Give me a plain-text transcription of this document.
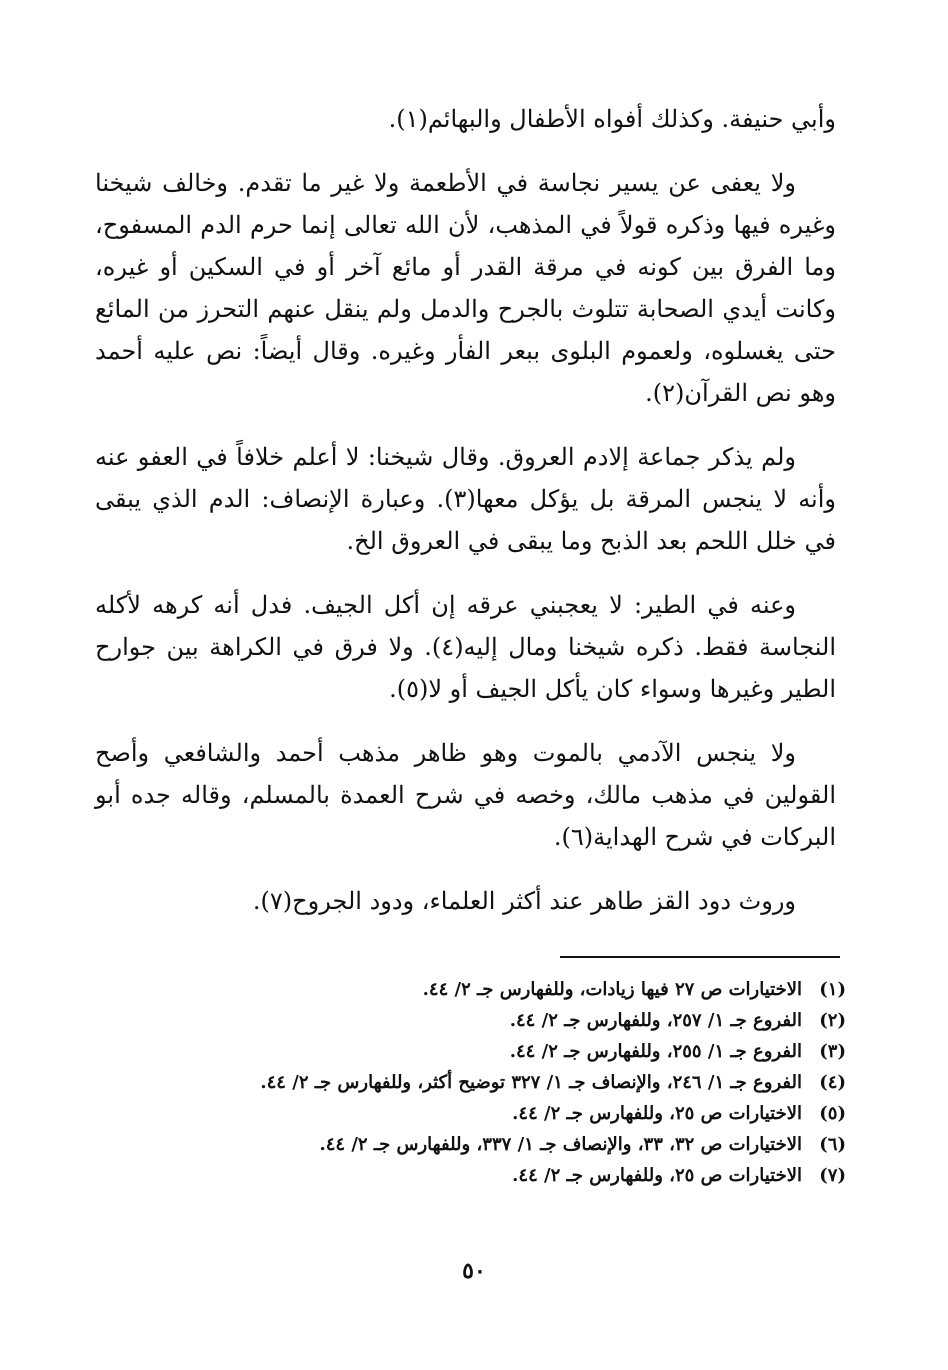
وأبي حنيفة. وكذلك أفواه الأطفال والبهائم(١).

ولا يعفى عن يسير نجاسة في الأطعمة ولا غير ما تقدم. وخالف شيخنا وغيره فيها وذكره قولاً في المذهب، لأن الله تعالى إنما حرم الدم المسفوح، وما الفرق بين كونه في مرقة القدر أو مائع آخر أو في السكين أو غيره، وكانت أيدي الصحابة تتلوث بالجرح والدمل ولم ينقل عنهم التحرز من المائع حتى يغسلوه، ولعموم البلوى ببعر الفأر وغيره. وقال أيضاً: نص عليه أحمد وهو نص القرآن(٢).

ولم يذكر جماعة إلادم العروق. وقال شيخنا: لا أعلم خلافاً في العفو عنه وأنه لا ينجس المرقة بل يؤكل معها(٣). وعبارة الإنصاف: الدم الذي يبقى في خلل اللحم بعد الذبح وما يبقى في العروق الخ.

وعنه في الطير: لا يعجبني عرقه إن أكل الجيف. فدل أنه كرهه لأكله النجاسة فقط. ذكره شيخنا ومال إليه(٤). ولا فرق في الكراهة بين جوارح الطير وغيرها وسواء كان يأكل الجيف أو لا(٥).

ولا ينجس الآدمي بالموت وهو ظاهر مذهب أحمد والشافعي وأصح القولين في مذهب مالك، وخصه في شرح العمدة بالمسلم، وقاله جده أبو البركات في شرح الهداية(٦).

وروث دود القز طاهر عند أكثر العلماء، ودود الجروح(٧).

(١)
الاختيارات ص ٢٧ فيها زيادات، وللفهارس جـ ٢/ ٤٤.
(٢)
الفروع جـ ١/ ٢٥٧، وللفهارس جـ ٢/ ٤٤.
(٣)
الفروع جـ ١/ ٢٥٥، وللفهارس جـ ٢/ ٤٤.
(٤)
الفروع جـ ١/ ٢٤٦، والإنصاف جـ ١/ ٣٢٧ توضيح أكثر، وللفهارس جـ ٢/ ٤٤.
(٥)
الاختيارات ص ٢٥، وللفهارس جـ ٢/ ٤٤.
(٦)
الاختيارات ص ٣٢، ٣٣، والإنصاف جـ ١/ ٣٣٧، وللفهارس جـ ٢/ ٤٤.
(٧)
الاختيارات ص ٢٥، وللفهارس جـ ٢/ ٤٤.
٥٠
